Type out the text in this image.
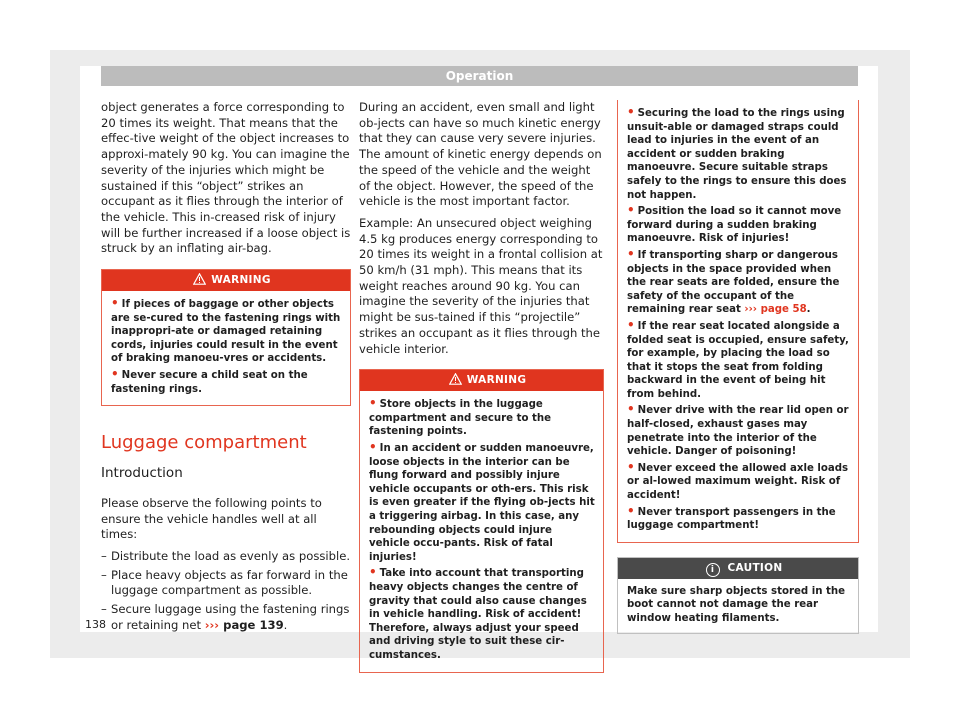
Operation

object generates a force corresponding to 20 times its weight. That means that the effec-tive weight of the object increases to approxi-mately 90 kg. You can imagine the severity of the injuries which might be sustained if this “object” strikes an occupant as it flies through the interior of the vehicle. This in-creased risk of injury will be further increased if a loose object is struck by an inflating air-bag.

WARNING
• If pieces of baggage or other objects are se-cured to the fastening rings with inappropri-ate or damaged retaining cords, injuries could result in the event of braking manoeu-vres or accidents.
• Never secure a child seat on the fastening rings.
Luggage compartment
Introduction

Please observe the following points to ensure the vehicle handles well at all times:

– Distribute the load as evenly as possible.
– Place heavy objects as far forward in the luggage compartment as possible.
– Secure luggage using the fastening rings or retaining net ››› page 139.

During an accident, even small and light ob-jects can have so much kinetic energy that they can cause very severe injuries. The amount of kinetic energy depends on the speed of the vehicle and the weight of the object. However, the speed of the vehicle is the most important factor.

Example: An unsecured object weighing 4.5 kg produces energy corresponding to 20 times its weight in a frontal collision at 50 km/h (31 mph). This means that its weight reaches around 90 kg. You can imagine the severity of the injuries that might be sus-tained if this “projectile” strikes an occupant as it flies through the vehicle interior.

WARNING
• Store objects in the luggage compartment and secure to the fastening points.
• In an accident or sudden manoeuvre, loose objects in the interior can be flung forward and possibly injure vehicle occupants or oth-ers. This risk is even greater if the flying ob-jects hit a triggering airbag. In this case, any rebounding objects could injure vehicle occu-pants. Risk of fatal injuries!
• Take into account that transporting heavy objects changes the centre of gravity that could also cause changes in vehicle handling. Risk of accident! Therefore, always adjust your speed and driving style to suit these cir-cumstances.
• Securing the load to the rings using unsuit-able or damaged straps could lead to injuries in the event of an accident or sudden braking manoeuvre. Secure suitable straps safely to the rings to ensure this does not happen.
• Position the load so it cannot move forward during a sudden braking manoeuvre. Risk of injuries!
• If transporting sharp or dangerous objects in the space provided when the rear seats are folded, ensure the safety of the occupant of the remaining rear seat ››› page 58.
• If the rear seat located alongside a folded seat is occupied, ensure safety, for example, by placing the load so that it stops the seat from folding backward in the event of being hit from behind.
• Never drive with the rear lid open or half-closed, exhaust gases may penetrate into the interior of the vehicle. Danger of poisoning!
• Never exceed the allowed axle loads or al-lowed maximum weight. Risk of accident!
• Never transport passengers in the luggage compartment!
i CAUTION
Make sure sharp objects stored in the boot cannot not damage the rear window heating filaments.
138
